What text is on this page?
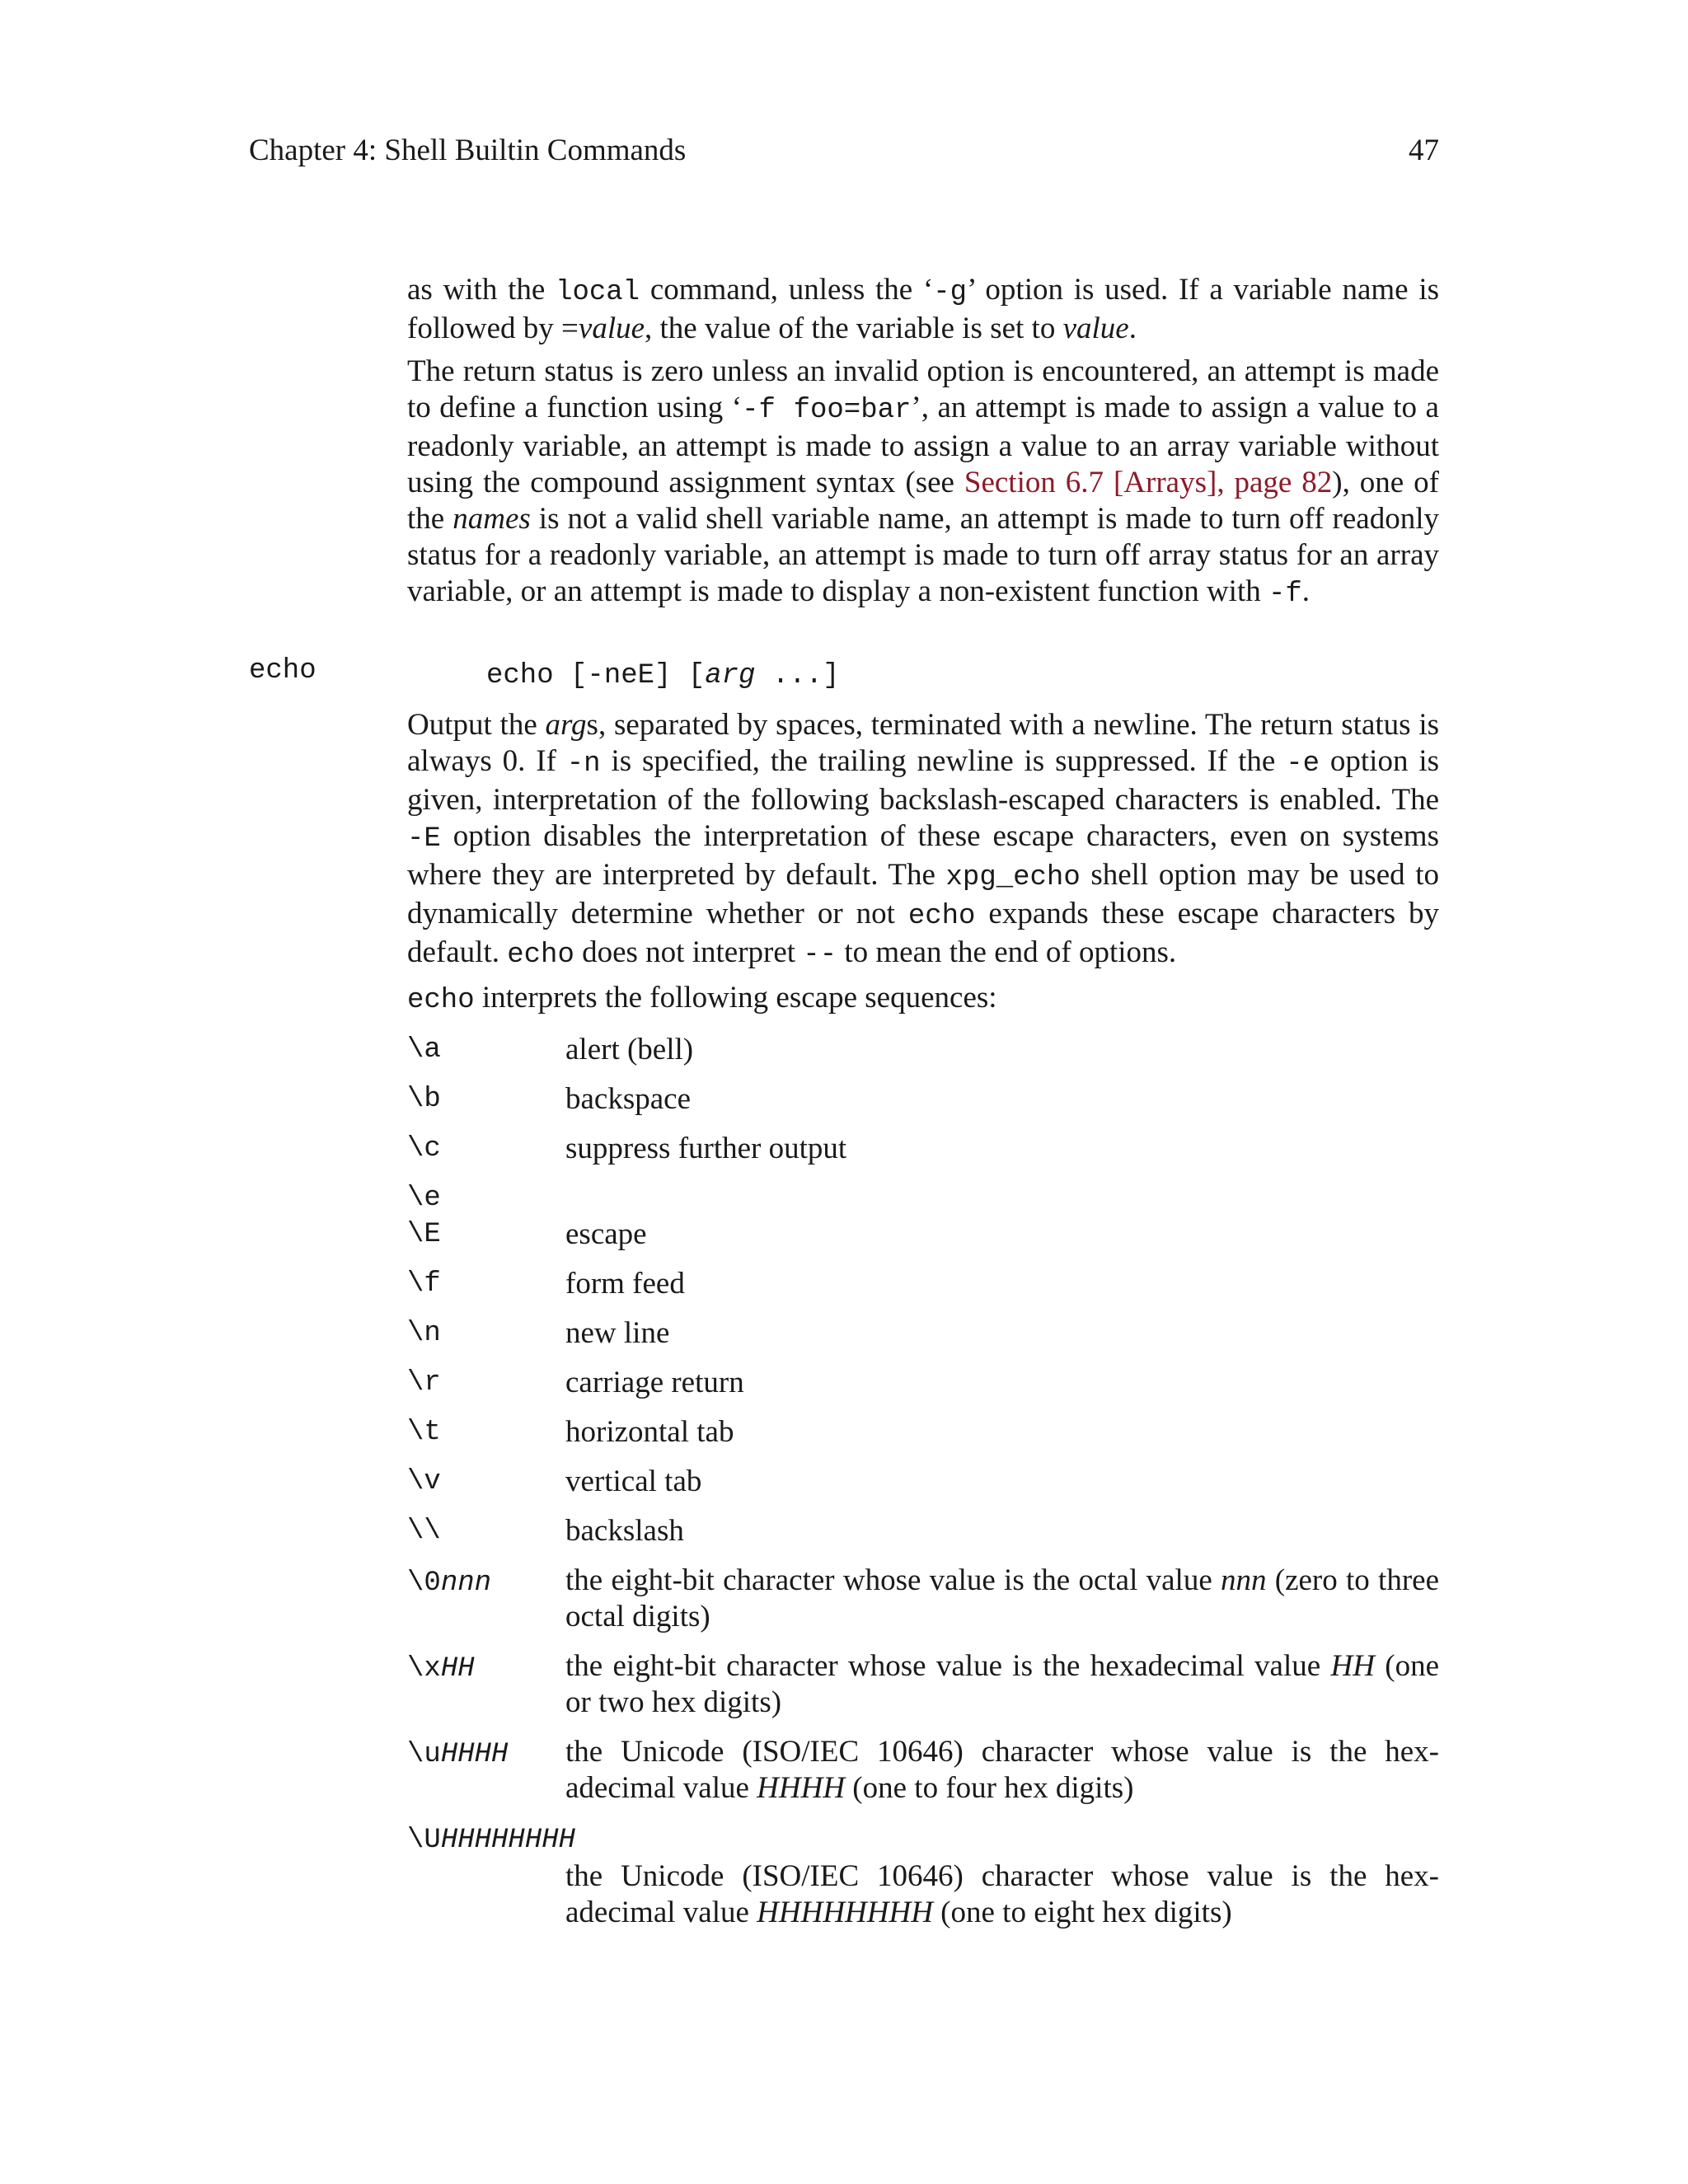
Chapter 4: Shell Builtin Commands	47
echo

as with the local command, unless the ‘-g’ option is used. If a variable name is followed by =value, the value of the variable is set to value.

The return status is zero unless an invalid option is encountered, an attempt is made to define a function using ‘-f foo=bar’, an attempt is made to assign a value to a readonly variable, an attempt is made to assign a value to an array variable without using the compound assignment syntax (see Section 6.7 [Arrays], page 82), one of the names is not a valid shell variable name, an attempt is made to turn off readonly status for a readonly variable, an attempt is made to turn off array status for an array variable, or an attempt is made to display a non-existent function with -f.

echo [-neE] [arg ...]

Output the args, separated by spaces, terminated with a newline. The return status is always 0. If -n is specified, the trailing newline is suppressed. If the -e option is given, interpretation of the following backslash-escaped characters is enabled. The -E option disables the interpretation of these escape characters, even on systems where they are interpreted by default. The xpg_echo shell option may be used to dynamically determine whether or not echo expands these escape characters by default. echo does not interpret -- to mean the end of options.

echo interprets the following escape sequences:

\a	alert (bell)
\b	backspace
\c	suppress further output
\e
\E	escape
\f	form feed
\n	new line
\r	carriage return
\t	horizontal tab
\v	vertical tab
\\	backslash
\0nnn	the eight-bit character whose value is the octal value nnn (zero to three octal digits)
\xHH	the eight-bit character whose value is the hexadecimal value HH (one or two hex digits)
\uHHHH	the Unicode (ISO/IEC 10646) character whose value is the hex- adecimal value HHHH (one to four hex digits)
\UHHHHHHHH
the Unicode (ISO/IEC 10646) character whose value is the hex- adecimal value HHHHHHHH (one to eight hex digits)
